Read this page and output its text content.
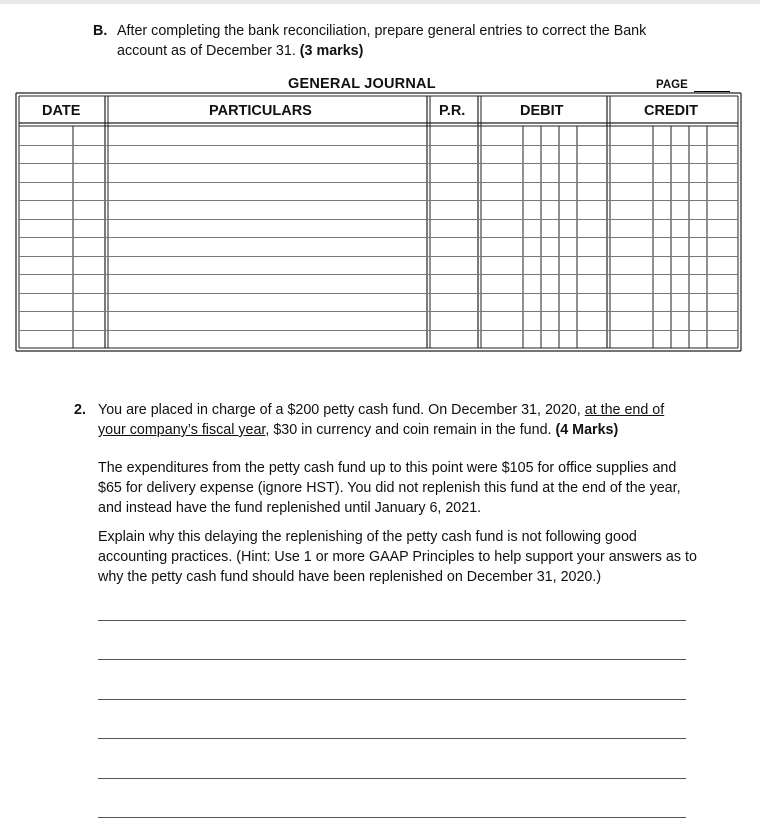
B. After completing the bank reconciliation, prepare general entries to correct the Bank account as of December 31. (3 marks)
GENERAL JOURNAL	PAGE
DATE	PARTICULARS	P.R.	DEBIT	CREDIT
2. You are placed in charge of a $200 petty cash fund. On December 31, 2020, at the end of your company’s fiscal year, $30 in currency and coin remain in the fund. (4 Marks)
The expenditures from the petty cash fund up to this point were $105 for office supplies and $65 for delivery expense (ignore HST). You did not replenish this fund at the end of the year, and instead have the fund replenished until January 6, 2021.
Explain why this delaying the replenishing of the petty cash fund is not following good accounting practices. (Hint: Use 1 or more GAAP Principles to help support your answers as to why the petty cash fund should have been replenished on December 31, 2020.)
